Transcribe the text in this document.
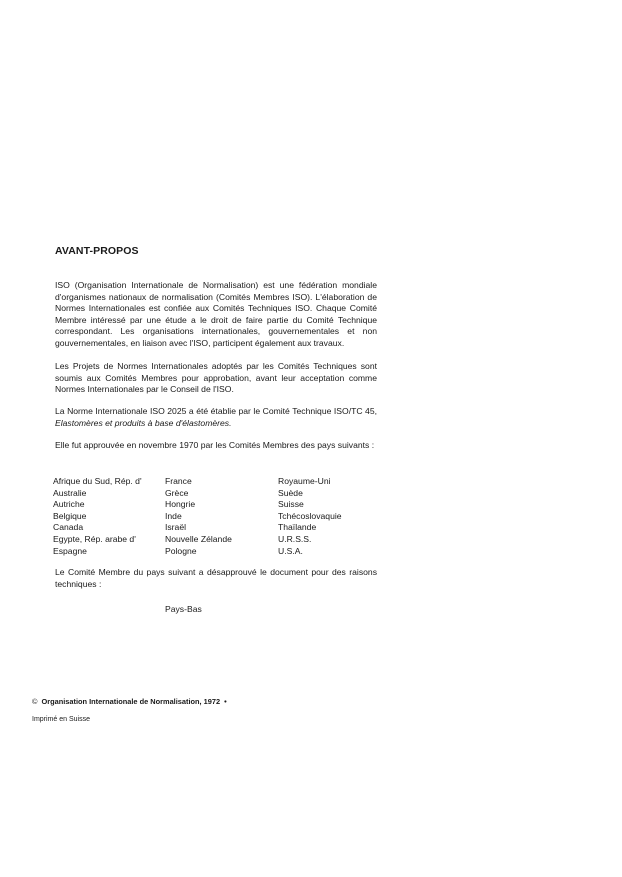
AVANT-PROPOS

ISO (Organisation Internationale de Normalisation) est une fédération mondiale d'organismes nationaux de normalisation (Comités Membres ISO). L'élaboration de Normes Internationales est confiée aux Comités Techniques ISO. Chaque Comité Membre intéressé par une étude a le droit de faire partie du Comité Technique correspondant. Les organisations internationales, gouvernementales et non gouvernementales, en liaison avec l'ISO, participent également aux travaux.

Les Projets de Normes Internationales adoptés par les Comités Techniques sont soumis aux Comités Membres pour approbation, avant leur acceptation comme Normes Internationales par le Conseil de l'ISO.

La Norme Internationale ISO 2025 a été établie par le Comité Technique ISO/TC 45, Elastomères et produits à base d'élastomères.

Elle fut approuvée en novembre 1970 par les Comités Membres des pays suivants :

Afrique du Sud, Rép. d'
Australie
Autriche
Belgique
Canada
Egypte, Rép. arabe d'
Espagne
France
Grèce
Hongrie
Inde
Israël
Nouvelle Zélande
Pologne
Royaume-Uni
Suède
Suisse
Tchécoslovaquie
Thaïlande
U.R.S.S.
U.S.A.

Le Comité Membre du pays suivant a désapprouvé le document pour des raisons techniques :

Pays-Bas
© Organisation Internationale de Normalisation, 1972 •
Imprimé en Suisse
